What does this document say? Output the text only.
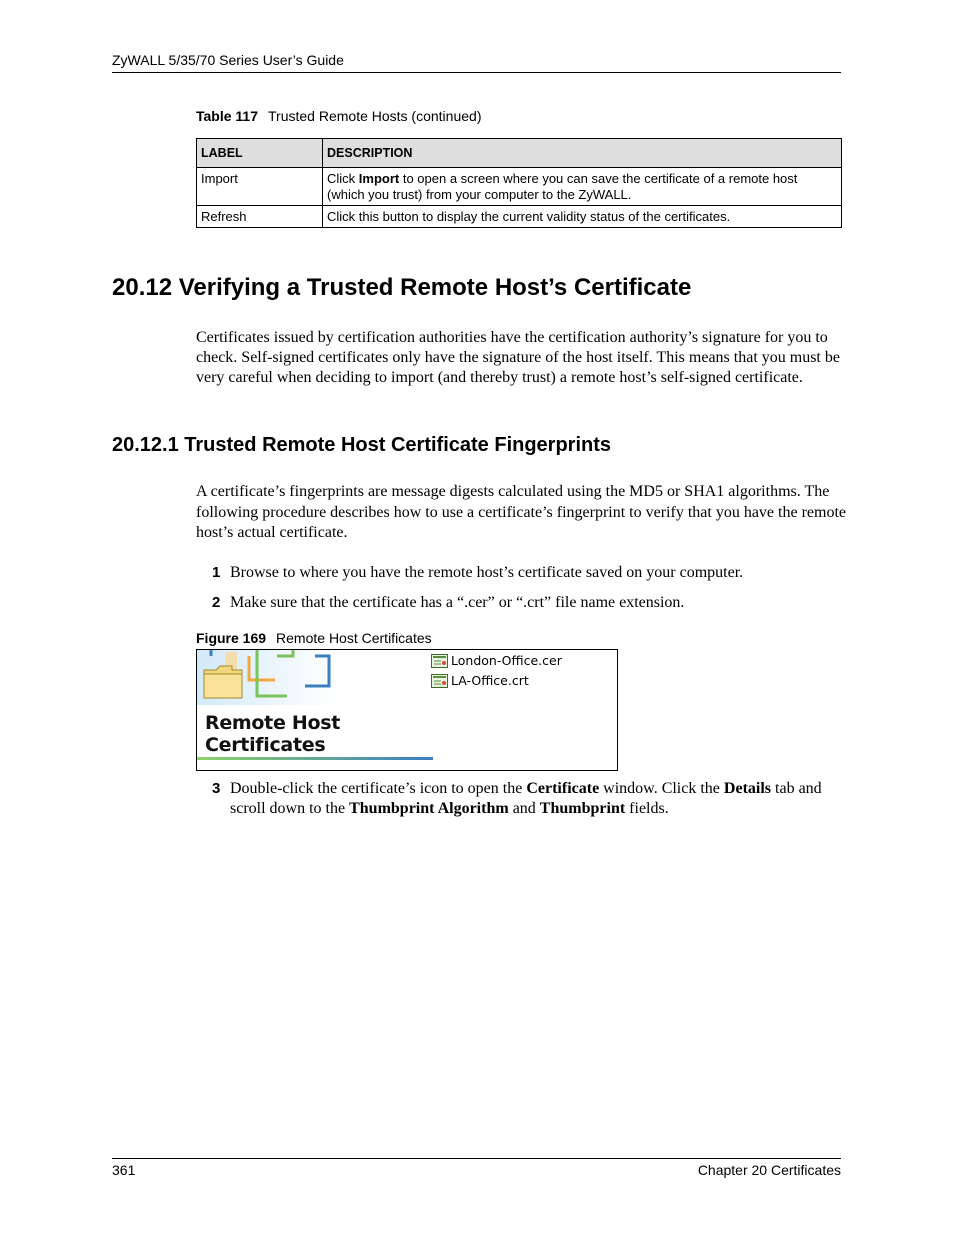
ZyWALL 5/35/70 Series User’s Guide
Table 117 Trusted Remote Hosts (continued)
LABEL	DESCRIPTION
Import	Click Import to open a screen where you can save the certificate of a remote host (which you trust) from your computer to the ZyWALL.
Refresh	Click this button to display the current validity status of the certificates.
20.12 Verifying a Trusted Remote Host’s Certificate
Certificates issued by certification authorities have the certification authority’s signature for you to check. Self-signed certificates only have the signature of the host itself. This means that you must be very careful when deciding to import (and thereby trust) a remote host’s self-signed certificate.
20.12.1 Trusted Remote Host Certificate Fingerprints
A certificate’s fingerprints are message digests calculated using the MD5 or SHA1 algorithms. The following procedure describes how to use a certificate’s fingerprint to verify that you have the remote host’s actual certificate.
1 Browse to where you have the remote host’s certificate saved on your computer.
2 Make sure that the certificate has a “.cer” or “.crt” file name extension.
Figure 169 Remote Host Certificates
Remote Host
Certificates
London-Office.cer
LA-Office.crt
3 Double-click the certificate’s icon to open the Certificate window. Click the Details tab and scroll down to the Thumbprint Algorithm and Thumbprint fields.
361	Chapter 20 Certificates
